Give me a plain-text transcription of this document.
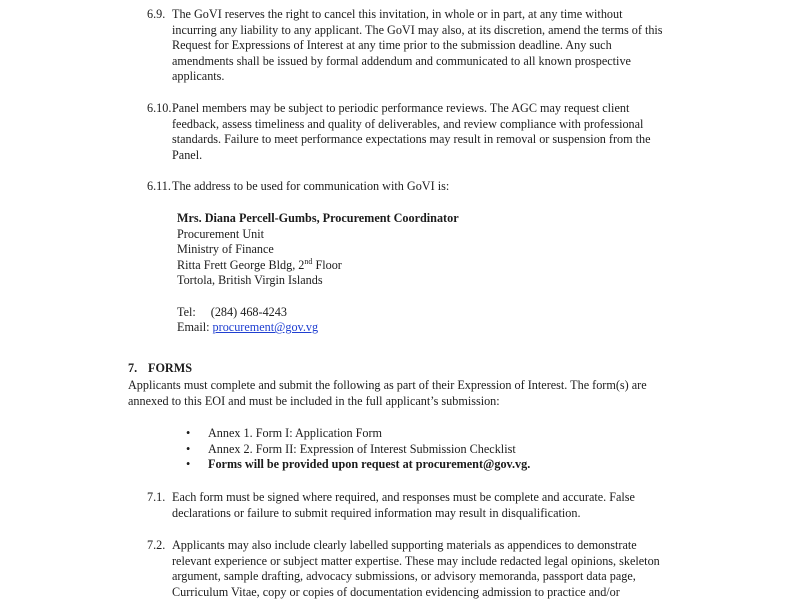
6.9. The GoVI reserves the right to cancel this invitation, in whole or in part, at any time without incurring any liability to any applicant. The GoVI may also, at its discretion, amend the terms of this Request for Expressions of Interest at any time prior to the submission deadline. Any such amendments shall be issued by formal addendum and communicated to all known prospective applicants.
6.10. Panel members may be subject to periodic performance reviews. The AGC may request client feedback, assess timeliness and quality of deliverables, and review compliance with professional standards. Failure to meet performance expectations may result in removal or suspension from the Panel.
6.11. The address to be used for communication with GoVI is:
Mrs. Diana Percell-Gumbs, Procurement Coordinator
Procurement Unit
Ministry of Finance
Ritta Frett George Bldg, 2nd Floor
Tortola, British Virgin Islands
Tel: (284) 468-4243
Email: procurement@gov.vg
7. FORMS
Applicants must complete and submit the following as part of their Expression of Interest. The form(s) are annexed to this EOI and must be included in the full applicant’s submission:
•	Annex 1. Form I: Application Form
•	Annex 2. Form II: Expression of Interest Submission Checklist
•	Forms will be provided upon request at procurement@gov.vg.
7.1. Each form must be signed where required, and responses must be complete and accurate. False declarations or failure to submit required information may result in disqualification.
7.2. Applicants may also include clearly labelled supporting materials as appendices to demonstrate relevant experience or subject matter expertise. These may include redacted legal opinions, skeleton argument, sample drafting, advocacy submissions, or advisory memoranda, passport data page, Curriculum Vitae, copy or copies of documentation evidencing admission to practice and/or
